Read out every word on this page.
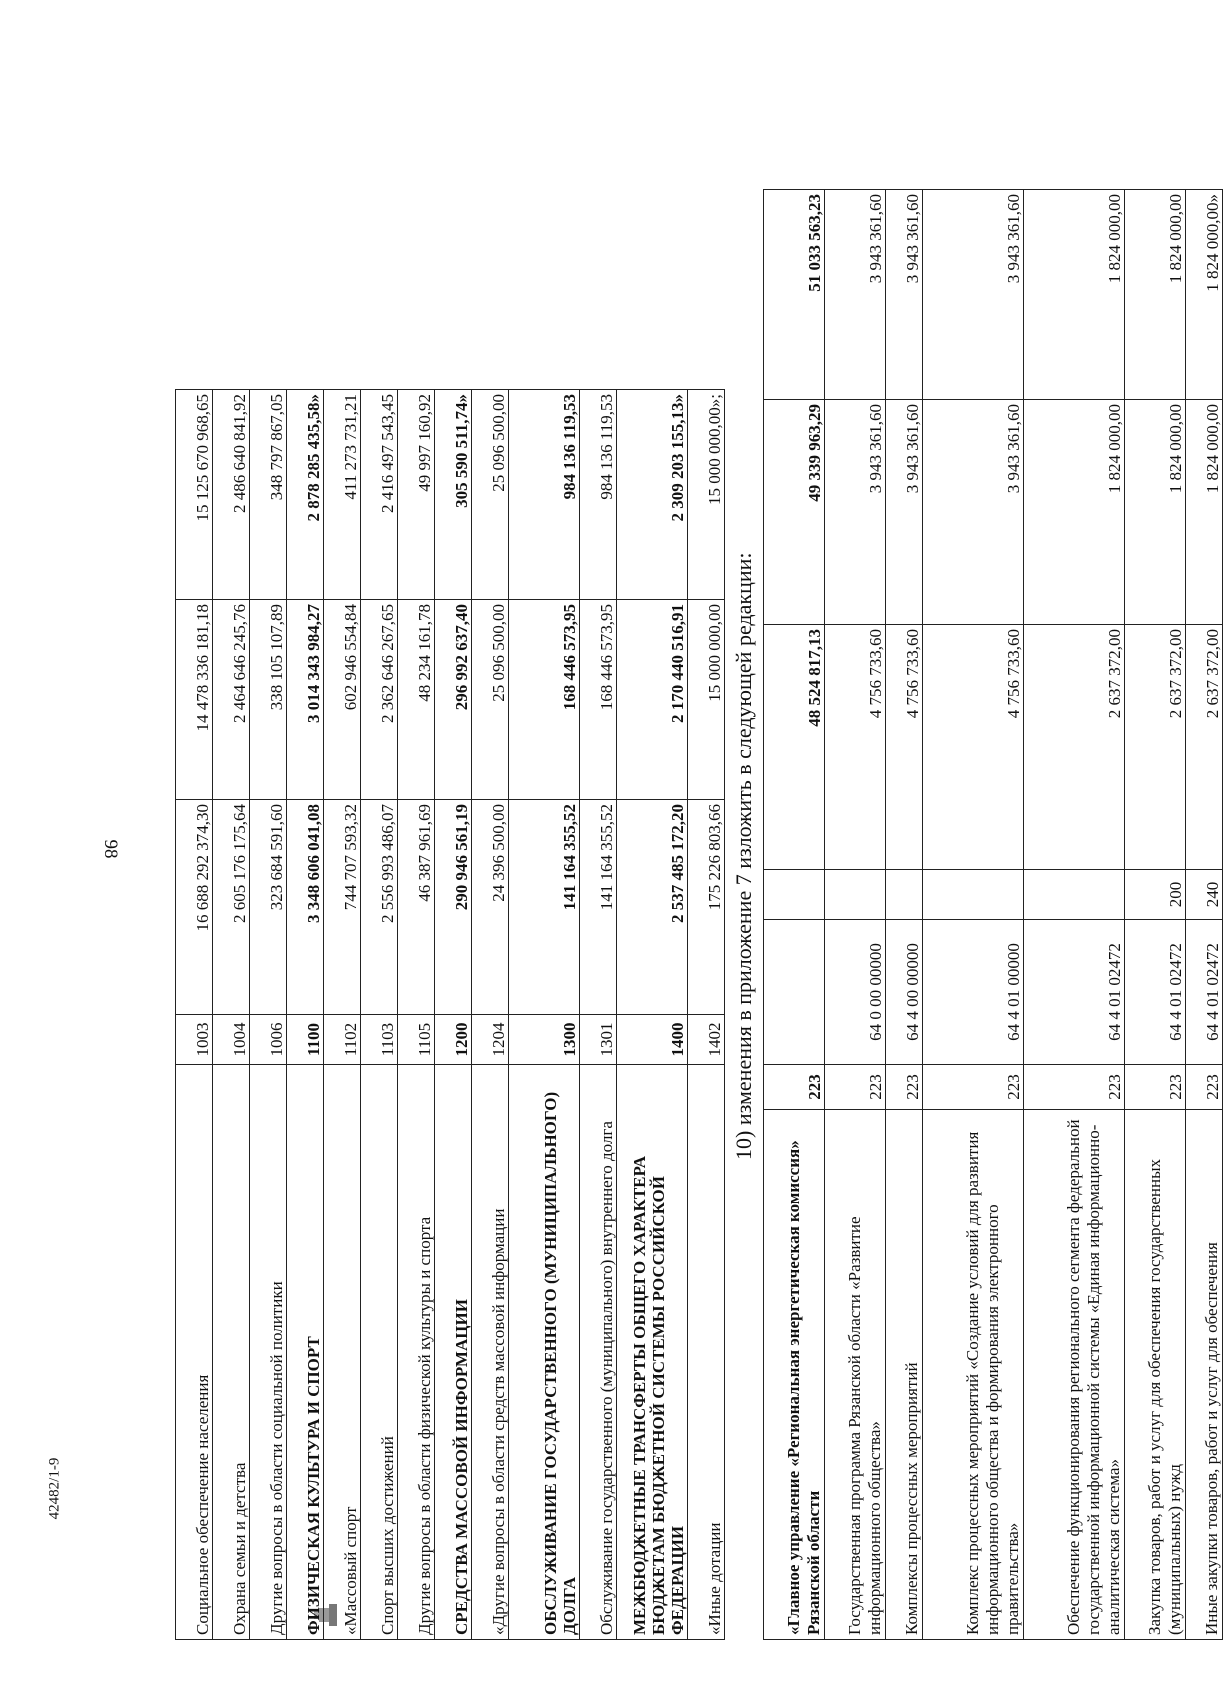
98
42482/1-9	Социальное обеспечение населения	1003	16 688 292 374,30	14 478 336 181,18	15 125 670 968,65
Охрана семьи и детства	1004	2 605 176 175,64	2 464 646 245,76	2 486 640 841,92
Другие вопросы в области социальной политики	1006	323 684 591,60	338 105 107,89	348 797 867,05
ФИЗИЧЕСКАЯ КУЛЬТУРА И СПОРТ	1100	3 348 606 041,08	3 014 343 984,27	2 878 285 435,58»
«Массовый спорт	1102	744 707 593,32	602 946 554,84	411 273 731,21
Спорт высших достижений	1103	2 556 993 486,07	2 362 646 267,65	2 416 497 543,45
Другие вопросы в области физической культуры и спорта	1105	46 387 961,69	48 234 161,78	49 997 160,92
СРЕДСТВА МАССОВОЙ ИНФОРМАЦИИ	1200	290 946 561,19	296 992 637,40	305 590 511,74»
«Другие вопросы в области средств массовой информации	1204	24 396 500,00	25 096 500,00	25 096 500,00
ОБСЛУЖИВАНИЕ ГОСУДАРСТВЕННОГО (МУНИЦИПАЛЬНОГО) ДОЛГА	1300	141 164 355,52	168 446 573,95	984 136 119,53
Обслуживание государственного (муниципального) внутреннего долга	1301	141 164 355,52	168 446 573,95	984 136 119,53
МЕЖБЮДЖЕТНЫЕ ТРАНСФЕРТЫ ОБЩЕГО ХАРАКТЕРА БЮДЖЕТАМ БЮДЖЕТНОЙ СИСТЕМЫ РОССИЙСКОЙ ФЕДЕРАЦИИ	1400	2 537 485 172,20	2 170 440 516,91	2 309 203 155,13»
«Иные дотации	1402	175 226 803,66	15 000 000,00	15 000 000,00»;
10) изменения в приложение 7 изложить в следующей редакции:
«Главное управление «Региональная энергетическая комиссия» Рязанской области	223			48 524 817,13	49 339 963,29	51 033 563,23
Государственная программа Рязанской области «Развитие информационного общества»	223	64 0 00 00000		4 756 733,60	3 943 361,60	3 943 361,60
Комплексы процессных мероприятий	223	64 4 00 00000		4 756 733,60	3 943 361,60	3 943 361,60
Комплекс процессных мероприятий «Создание условий для развития информационного общества и формирования электронного правительства»	223	64 4 01 00000		4 756 733,60	3 943 361,60	3 943 361,60
Обеспечение функционирования регионального сегмента федеральной государственной информационной системы «Единая информационно-аналитическая система»	223	64 4 01 02472		2 637 372,00	1 824 000,00	1 824 000,00
Закупка товаров, работ и услуг для обеспечения государственных (муниципальных) нужд	223	64 4 01 02472	200	2 637 372,00	1 824 000,00	1 824 000,00
Иные закупки товаров, работ и услуг для обеспечения	223	64 4 01 02472	240	2 637 372,00	1 824 000,00	1 824 000,00»
